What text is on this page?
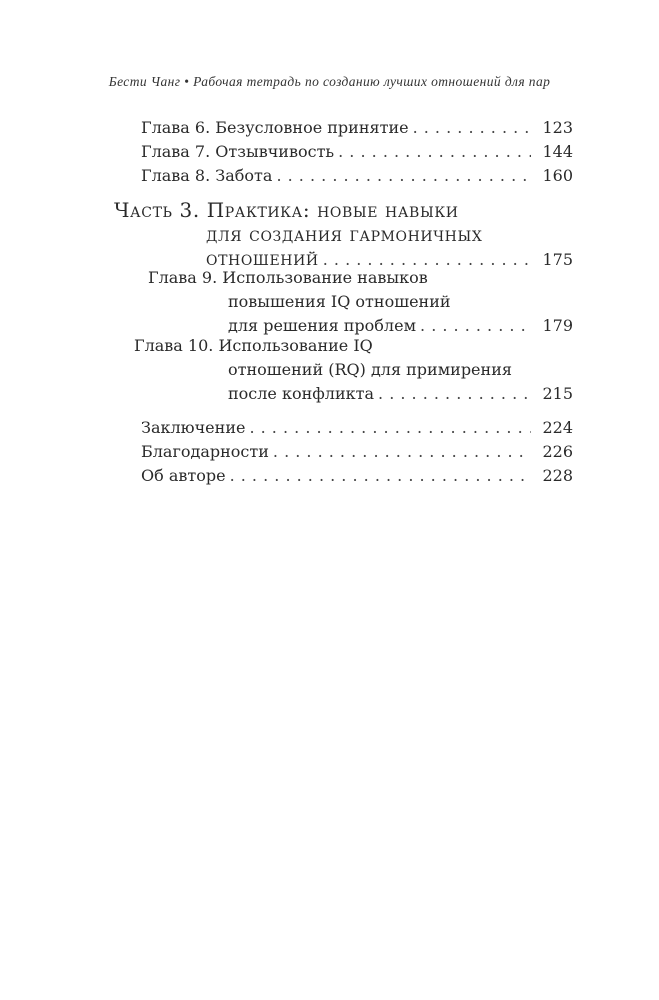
Бести Чанг • Рабочая тетрадь по созданию лучших отношений для пар
Глава 6. Безусловное принятие . . .	123
Глава 7. Отзывчивость . . .	144
Глава 8. Забота . . .	160
Часть 3. Практика: новые навыки
для создания гармоничных
отношений . . .	175
Глава 9. Использование навыков
повышения IQ отношений
для решения проблем . . .	179
Глава 10. Использование IQ
отношений (RQ) для примирения
после конфликта . . .	215
Заключение . . .	224
Благодарности . . .	226
Об авторе . . .	228
